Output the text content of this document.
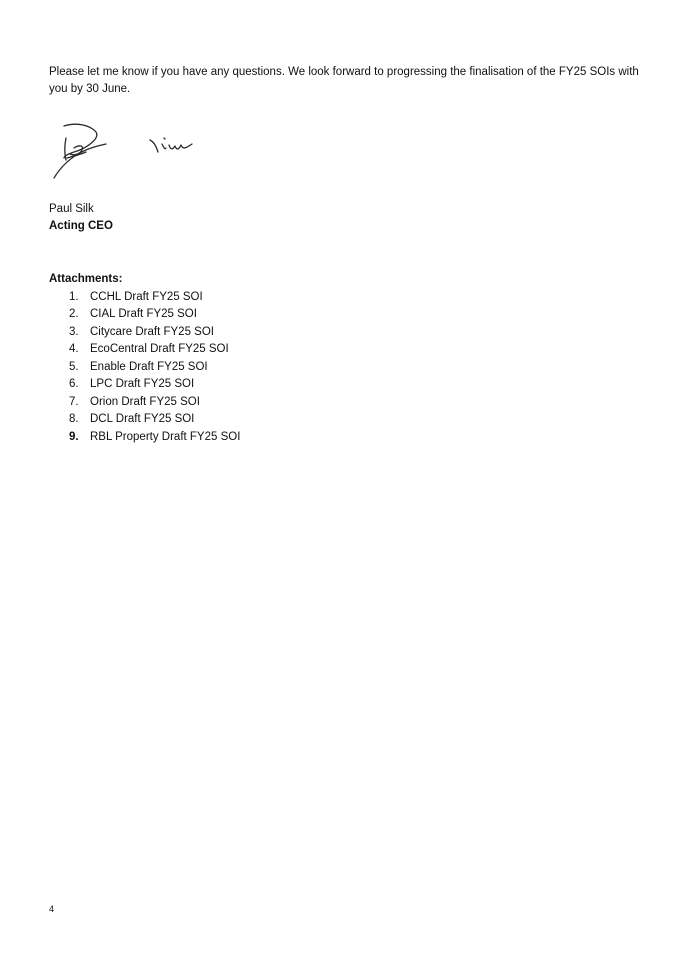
Please let me know if you have any questions. We look forward to progressing the finalisation of the FY25 SOIs with you by 30 June.

Paul Silk
Acting CEO
Attachments:
1. CCHL Draft FY25 SOI
2. CIAL Draft FY25 SOI
3. Citycare Draft FY25 SOI
4. EcoCentral Draft FY25 SOI
5. Enable Draft FY25 SOI
6. LPC Draft FY25 SOI
7. Orion Draft FY25 SOI
8. DCL Draft FY25 SOI
9. RBL Property Draft FY25 SOI
4
